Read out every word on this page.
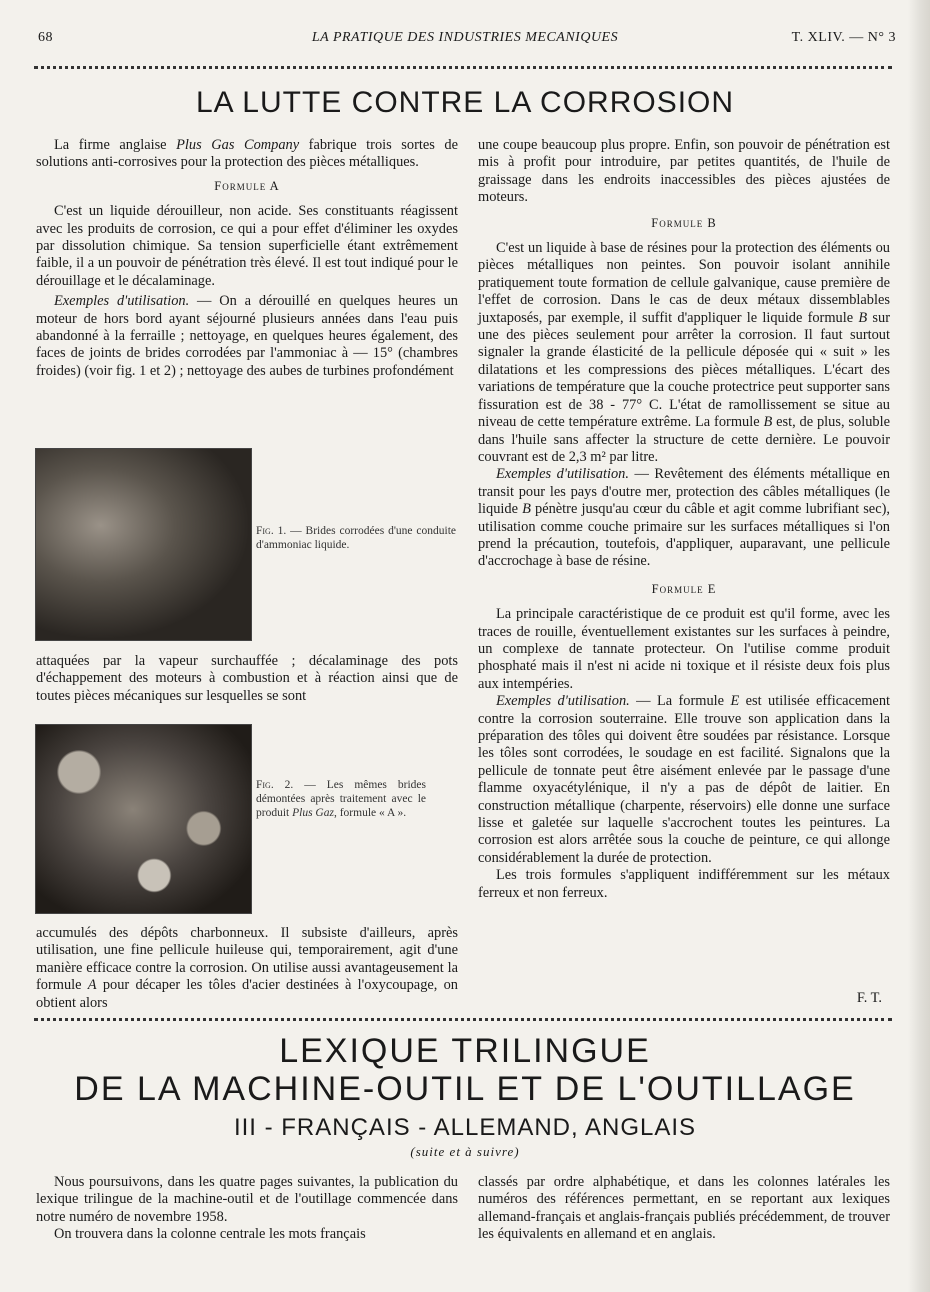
68	LA PRATIQUE DES INDUSTRIES MECANIQUES	T. XLIV. — N° 3
LA LUTTE CONTRE LA CORROSION

La firme anglaise Plus Gas Company fabrique trois sortes de solutions anti-corrosives pour la protection des pièces métalliques.

Formule A

C'est un liquide dérouilleur, non acide. Ses constituants réagissent avec les produits de corrosion, ce qui a pour effet d'éliminer les oxydes par dissolution chimique. Sa tension superficielle étant extrêmement faible, il a un pouvoir de pénétration très élevé. Il est tout indiqué pour le dérouillage et le décalaminage.

Exemples d'utilisation. — On a dérouillé en quelques heures un moteur de hors bord ayant séjourné plusieurs années dans l'eau puis abandonné à la ferraille ; nettoyage, en quelques heures également, des faces de joints de brides corrodées par l'ammoniac à — 15° (chambres froides) (voir fig. 1 et 2) ; nettoyage des aubes de turbines profondément

Fig. 1. — Brides corrodées d'une conduite d'ammoniac liquide.

attaquées par la vapeur surchauffée ; décalaminage des pots d'échappement des moteurs à combustion et à réaction ainsi que de toutes pièces mécaniques sur lesquelles se sont

Fig. 2. — Les mêmes brides démontées après traitement avec le produit Plus Gaz, formule « A ».

accumulés des dépôts charbonneux. Il subsiste d'ailleurs, après utilisation, une fine pellicule huileuse qui, temporairement, agit d'une manière efficace contre la corrosion. On utilise aussi avantageusement la formule A pour décaper les tôles d'acier destinées à l'oxycoupage, on obtient alors

une coupe beaucoup plus propre. Enfin, son pouvoir de pénétration est mis à profit pour introduire, par petites quantités, de l'huile de graissage dans les endroits inaccessibles des pièces ajustées de moteurs.

Formule B

C'est un liquide à base de résines pour la protection des éléments ou pièces métalliques non peintes. Son pouvoir isolant annihile pratiquement toute formation de cellule galvanique, cause première de l'effet de corrosion. Dans le cas de deux métaux dissemblables juxtaposés, par exemple, il suffit d'appliquer le liquide formule B sur une des pièces seulement pour arrêter la corrosion. Il faut surtout signaler la grande élasticité de la pellicule déposée qui « suit » les dilatations et les compressions des pièces métalliques. L'écart des variations de température que la couche protectrice peut supporter sans fissuration est de 38 - 77° C. L'état de ramollissement se situe au niveau de cette température extrême. La formule B est, de plus, soluble dans l'huile sans affecter la structure de cette dernière. Le pouvoir couvrant est de 2,3 m² par litre.

Exemples d'utilisation. — Revêtement des éléments métallique en transit pour les pays d'outre mer, protection des câbles métalliques (le liquide B pénètre jusqu'au cœur du câble et agit comme lubrifiant sec), utilisation comme couche primaire sur les surfaces métalliques si l'on prend la précaution, toutefois, d'appliquer, auparavant, une pellicule d'accrochage à base de résine.

Formule E

La principale caractéristique de ce produit est qu'il forme, avec les traces de rouille, éventuellement existantes sur les surfaces à peindre, un complexe de tannate protecteur. On l'utilise comme produit phosphaté mais il n'est ni acide ni toxique et il résiste deux fois plus aux intempéries.

Exemples d'utilisation. — La formule E est utilisée efficacement contre la corrosion souterraine. Elle trouve son application dans la préparation des tôles qui doivent être soudées par résistance. Lorsque les tôles sont corrodées, le soudage en est facilité. Signalons que la pellicule de tonnate peut être aisément enlevée par le passage d'une flamme oxyacétylénique, il n'y a pas de dépôt de laitier. En construction métallique (charpente, réservoirs) elle donne une surface lisse et galetée sur laquelle s'accrochent toutes les peintures. La corrosion est alors arrêtée sous la couche de peinture, ce qui allonge considérablement la durée de protection.

Les trois formules s'appliquent indifféremment sur les métaux ferreux et non ferreux.

F. T.
LEXIQUE TRILINGUE
DE LA MACHINE-OUTIL ET DE L'OUTILLAGE
III - FRANÇAIS - ALLEMAND, ANGLAIS
(suite et à suivre)

Nous poursuivons, dans les quatre pages suivantes, la publication du lexique trilingue de la machine-outil et de l'outillage commencée dans notre numéro de novembre 1958.

On trouvera dans la colonne centrale les mots français

classés par ordre alphabétique, et dans les colonnes latérales les numéros des références permettant, en se reportant aux lexiques allemand-français et anglais-français publiés précédemment, de trouver les équivalents en allemand et en anglais.
